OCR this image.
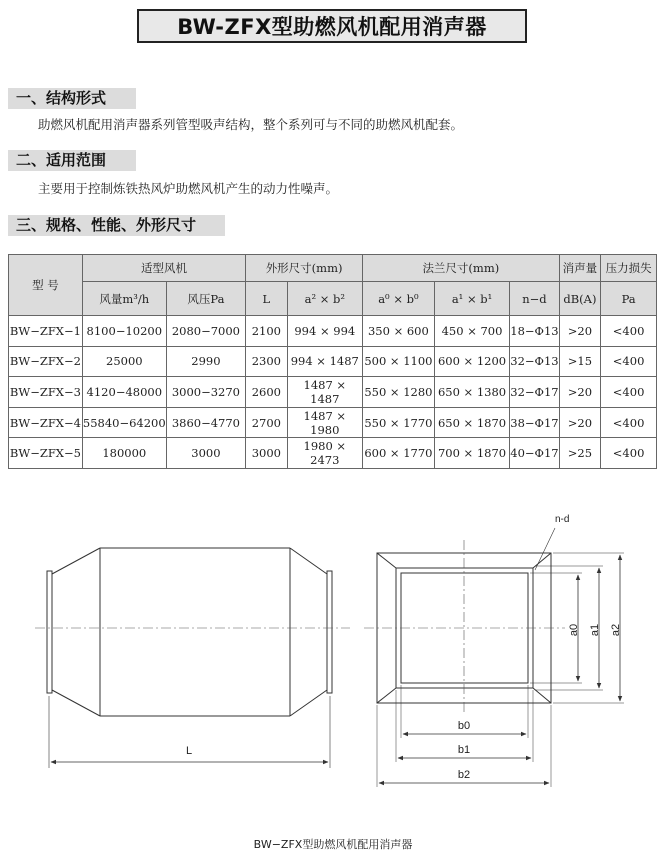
BW-ZFX型助燃风机配用消声器
一、结构形式
助燃风机配用消声器系列管型吸声结构，整个系列可与不同的助燃风机配套。
二、适用范围
主要用于控制炼铁热风炉助燃风机产生的动力性噪声。
三、规格、性能、外形尺寸
型 号	适型风机		外形尺寸(mm)		法兰尺寸(mm)			消声量	压力损失
	风量m³/h	风压Pa	L	a² × b²	a⁰ × b⁰	a¹ × b¹	n−d	dB(A)	Pa
BW−ZFX−1	8100−10200	2080−7000	2100	994 × 994	350 × 600	450 × 700	18−Φ13	>20	<400
BW−ZFX−2	25000	2990	2300	994 × 1487	500 × 1100	600 × 1200	32−Φ13	>15	<400
BW−ZFX−3	4120−48000	3000−3270	2600	1487 × 1487	550 × 1280	650 × 1380	32−Φ17	>20	<400
BW−ZFX−4	55840−64200	3860−4770	2700	1487 × 1980	550 × 1770	650 × 1870	38−Φ17	>20	<400
BW−ZFX−5	180000	3000	3000	1980 × 2473	600 × 1770	700 × 1870	40−Φ17	>25	<400
L
n-d
a0 a1 a2
b0
b1
b2
BW−ZFX型助燃风机配用消声器
